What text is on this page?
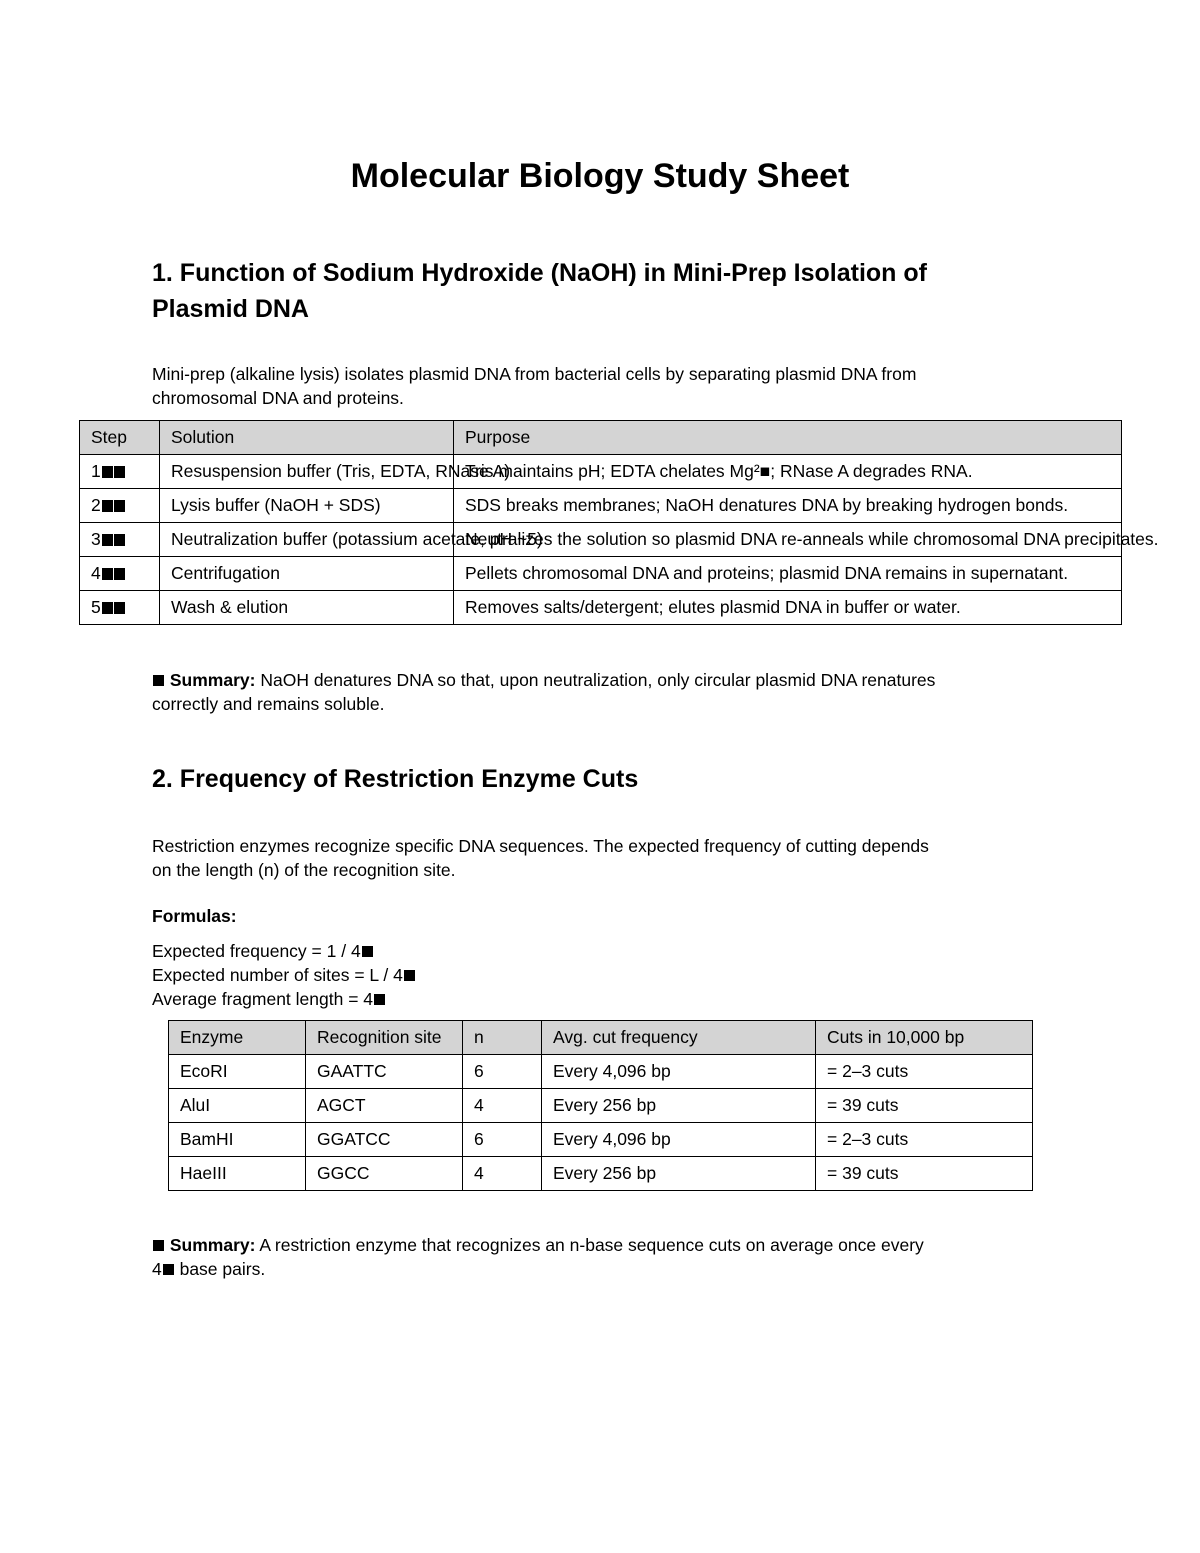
Molecular Biology Study Sheet
1. Function of Sodium Hydroxide (NaOH) in Mini-Prep Isolation of
Plasmid DNA
Mini-prep (alkaline lysis) isolates plasmid DNA from bacterial cells by separating plasmid DNA from
chromosomal DNA and proteins.
Step	Solution	Purpose
1	Resuspension buffer (Tris, EDTA, RNase A)	Tris maintains pH; EDTA chelates Mg²■; RNase A degrades RNA.
2	Lysis buffer (NaOH + SDS)	SDS breaks membranes; NaOH denatures DNA by breaking hydrogen bonds.
3	Neutralization buffer (potassium acetate, pH ~5)	Neutralizes the solution so plasmid DNA re-anneals while chromosomal DNA precipitates.
4	Centrifugation	Pellets chromosomal DNA and proteins; plasmid DNA remains in supernatant.
5	Wash & elution	Removes salts/detergent; elutes plasmid DNA in buffer or water.
Summary: NaOH denatures DNA so that, upon neutralization, only circular plasmid DNA renatures
correctly and remains soluble.
2. Frequency of Restriction Enzyme Cuts
Restriction enzymes recognize specific DNA sequences. The expected frequency of cutting depends
on the length (n) of the recognition site.
Formulas:
Expected frequency = 1 / 4
Expected number of sites = L / 4
Average fragment length = 4
Enzyme	Recognition site	n	Avg. cut frequency	Cuts in 10,000 bp
EcoRI	GAATTC	6	Every 4,096 bp	= 2–3 cuts
AluI	AGCT	4	Every 256 bp	= 39 cuts
BamHI	GGATCC	6	Every 4,096 bp	= 2–3 cuts
HaeIII	GGCC	4	Every 256 bp	= 39 cuts
Summary: A restriction enzyme that recognizes an n-base sequence cuts on average once every
4 base pairs.
